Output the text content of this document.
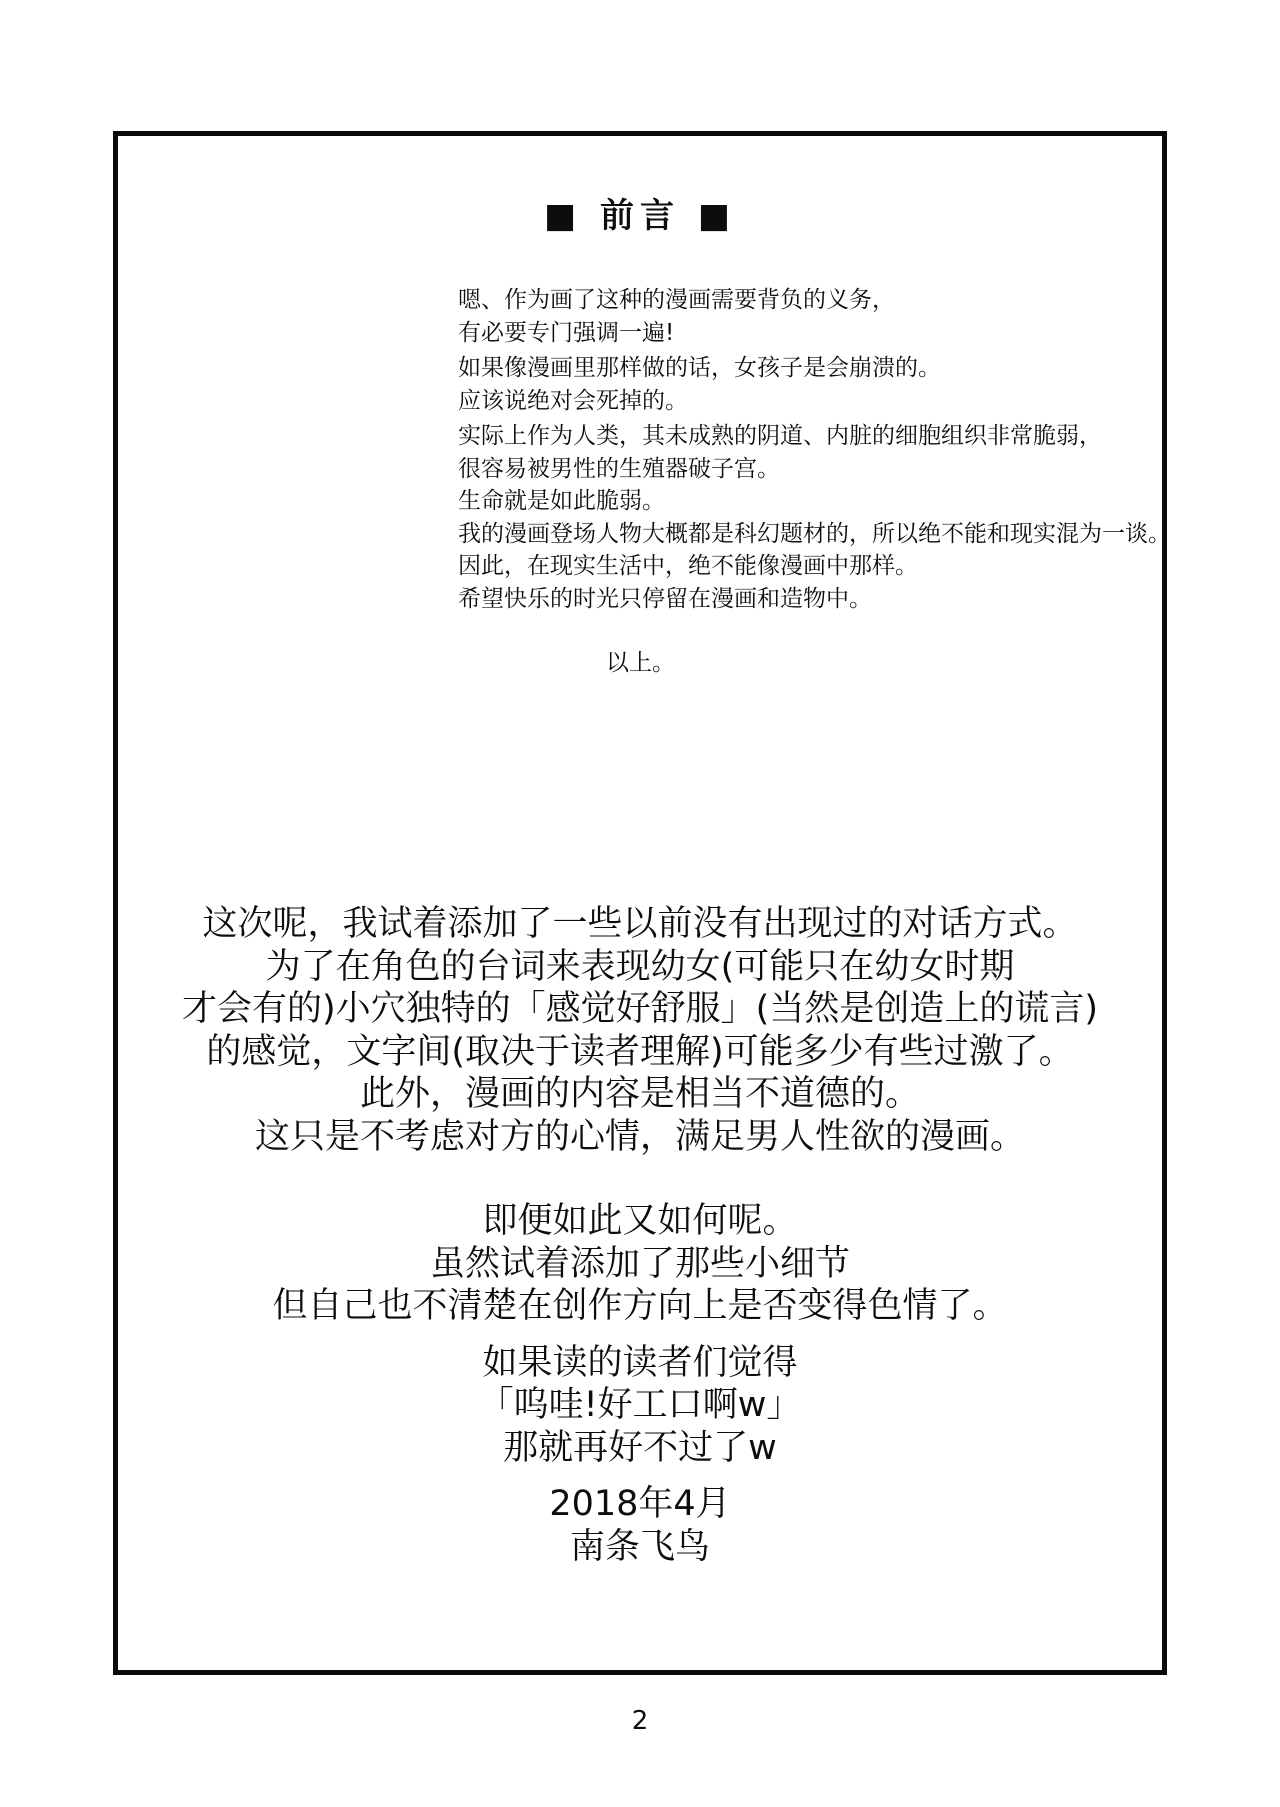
■ 前言 ■

嗯、作为画了这种的漫画需要背负的义务，
有必要专门强调一遍!

如果像漫画里那样做的话，女孩子是会崩溃的。
应该说绝对会死掉的。

实际上作为人类，其未成熟的阴道、内脏的细胞组织非常脆弱，
很容易被男性的生殖器破子宫。
生命就是如此脆弱。
我的漫画登场人物大概都是科幻题材的，所以绝不能和现实混为一谈。
因此，在现实生活中，绝不能像漫画中那样。
希望快乐的时光只停留在漫画和造物中。

以上。
这次呢，我试着添加了一些以前没有出现过的对话方式。
为了在角色的台词来表现幼女(可能只在幼女时期
才会有的)小穴独特的「感觉好舒服」(当然是创造上的谎言)
的感觉，文字间(取决于读者理解)可能多少有些过激了。
此外，漫画的内容是相当不道德的。
这只是不考虑对方的心情，满足男人性欲的漫画。
即便如此又如何呢。
虽然试着添加了那些小细节
但自己也不清楚在创作方向上是否变得色情了。
如果读的读者们觉得
「呜哇!好工口啊w」
那就再好不过了w
2018年4月
南条飞鸟
2
